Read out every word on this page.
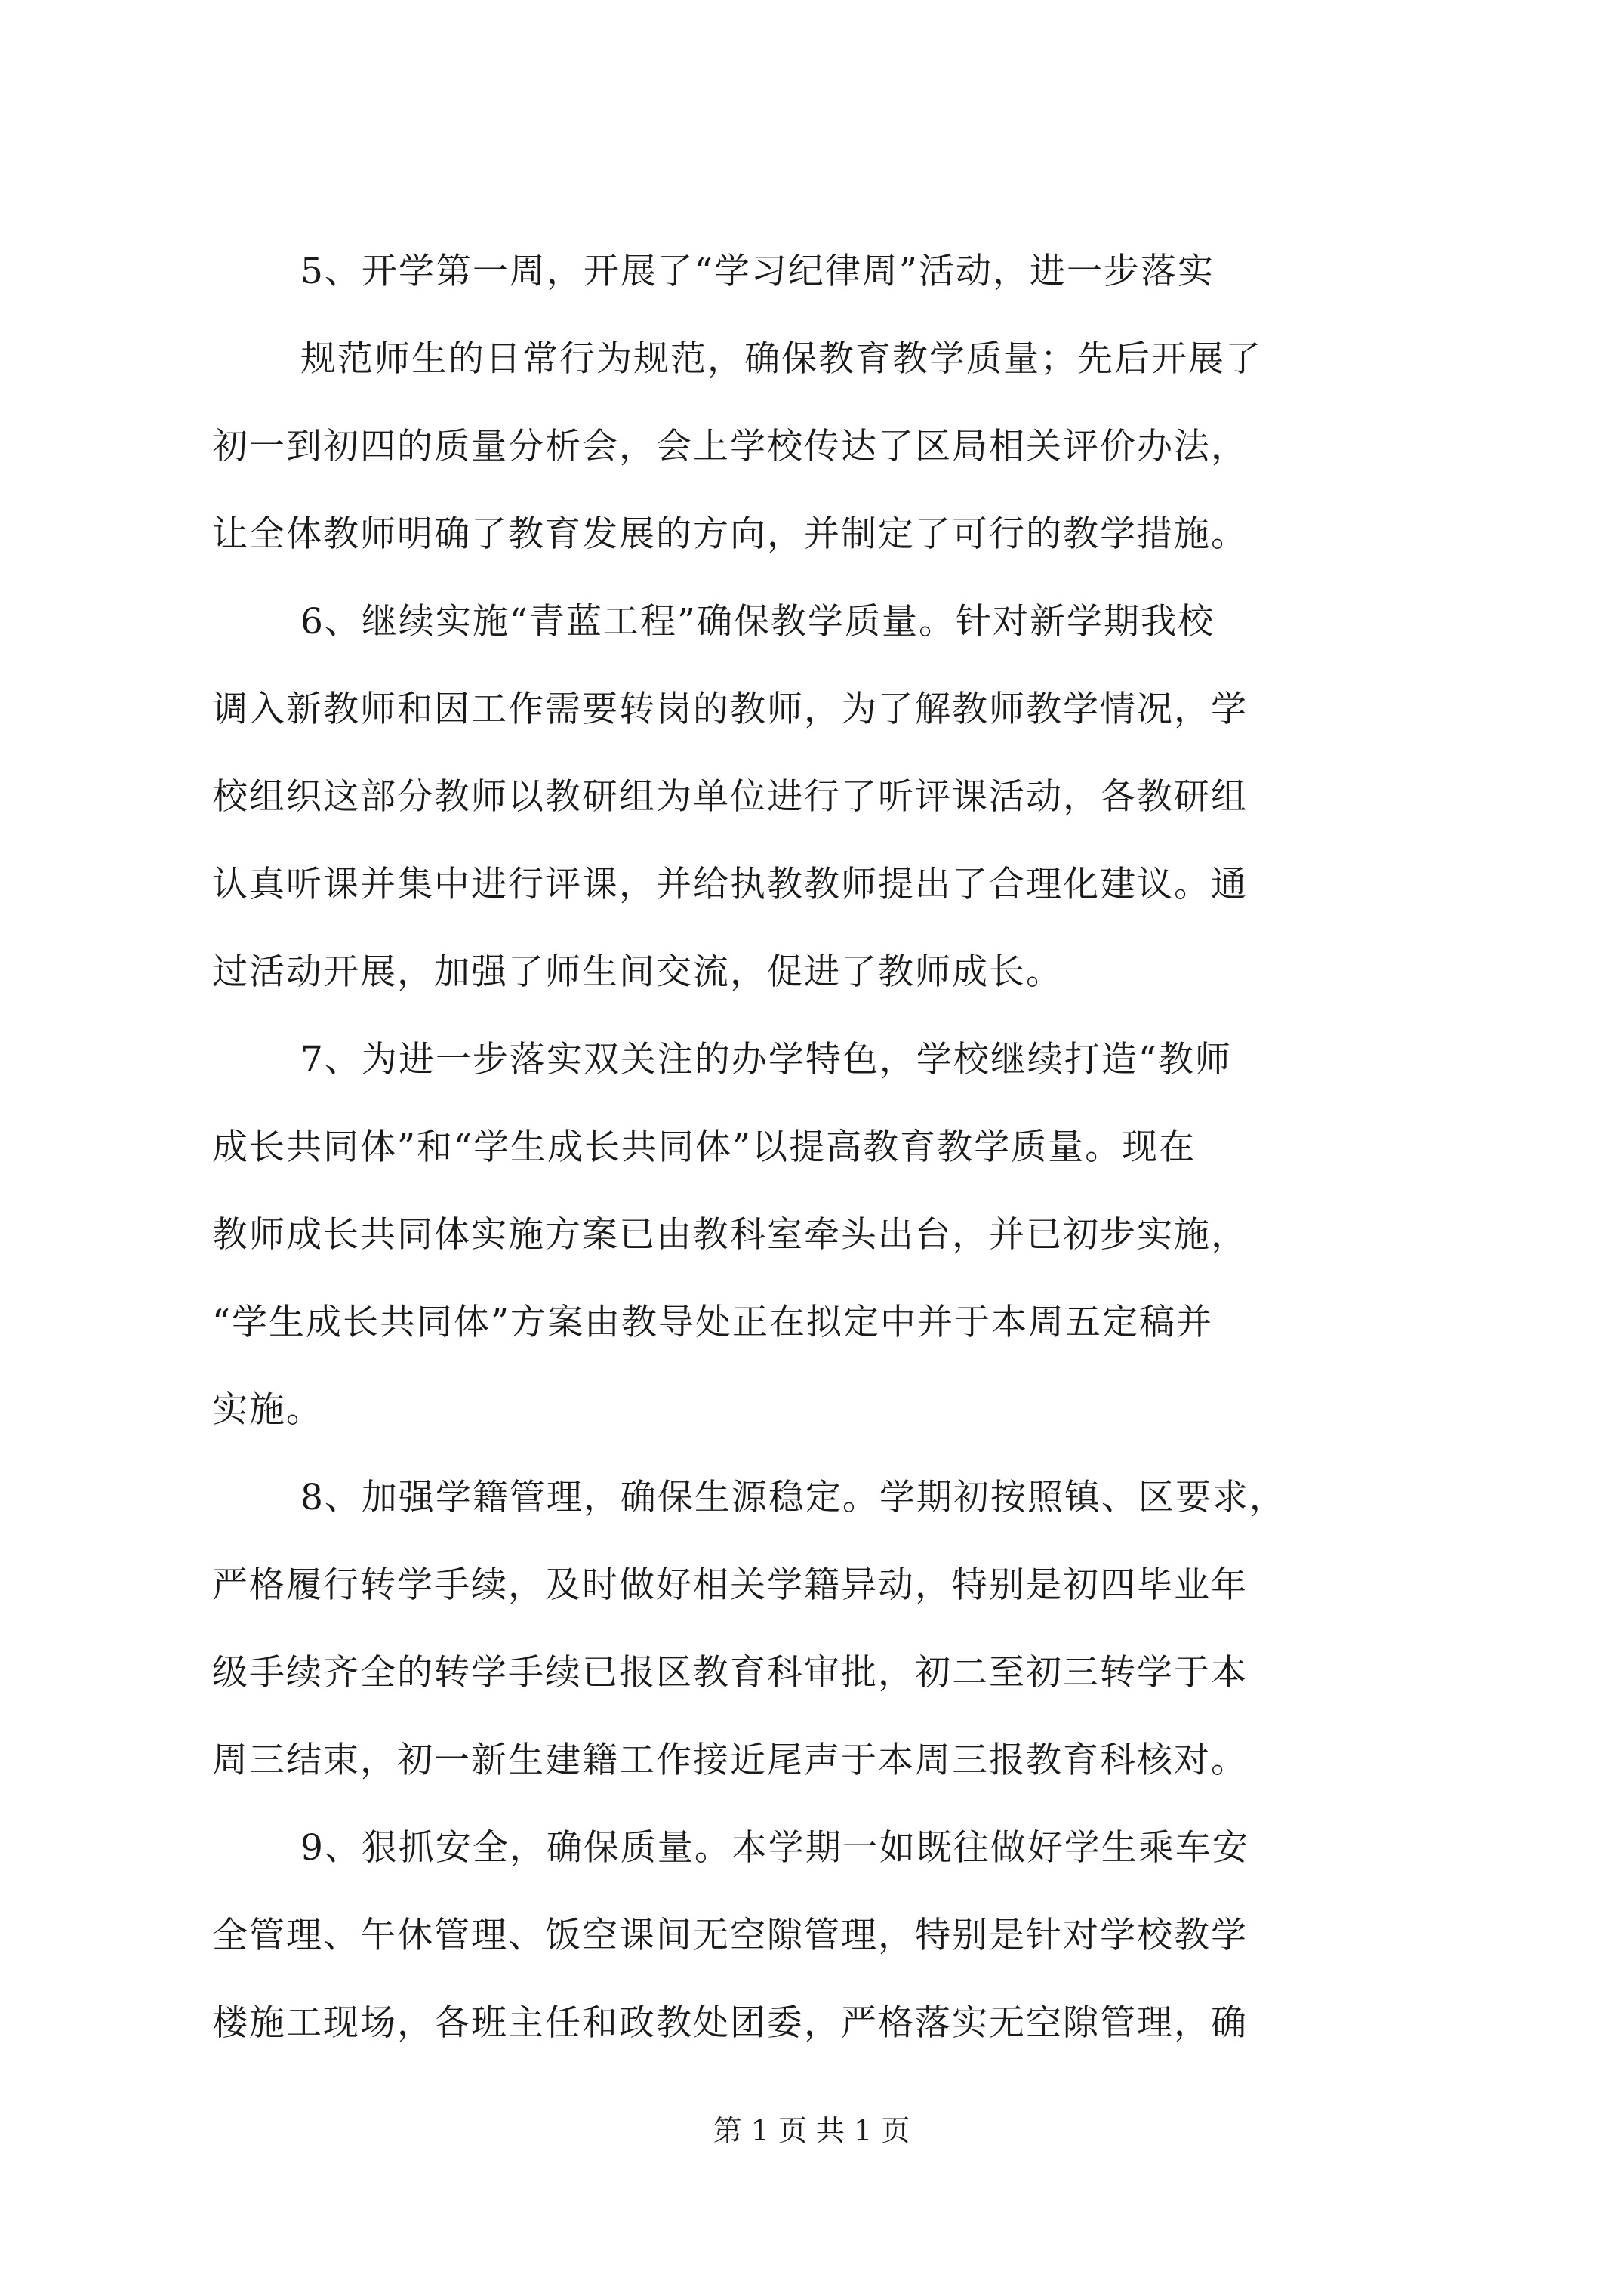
5、开学第一周，开展了“学习纪律周”活动，进一步落实
规范师生的日常行为规范，确保教育教学质量；先后开展了
初一到初四的质量分析会，会上学校传达了区局相关评价办法，
让全体教师明确了教育发展的方向，并制定了可行的教学措施。
6、继续实施“青蓝工程”确保教学质量。针对新学期我校
调入新教师和因工作需要转岗的教师，为了解教师教学情况，学
校组织这部分教师以教研组为单位进行了听评课活动，各教研组
认真听课并集中进行评课，并给执教教师提出了合理化建议。通
过活动开展，加强了师生间交流，促进了教师成长。
7、为进一步落实双关注的办学特色，学校继续打造“教师
成长共同体”和“学生成长共同体”以提高教育教学质量。现在
教师成长共同体实施方案已由教科室牵头出台，并已初步实施，
“学生成长共同体”方案由教导处正在拟定中并于本周五定稿并
实施。
8、加强学籍管理，确保生源稳定。学期初按照镇、区要求，
严格履行转学手续，及时做好相关学籍异动，特别是初四毕业年
级手续齐全的转学手续已报区教育科审批，初二至初三转学于本
周三结束，初一新生建籍工作接近尾声于本周三报教育科核对。
9、狠抓安全，确保质量。本学期一如既往做好学生乘车安
全管理、午休管理、饭空课间无空隙管理，特别是针对学校教学
楼施工现场，各班主任和政教处团委，严格落实无空隙管理，确
第 1 页 共 1 页
